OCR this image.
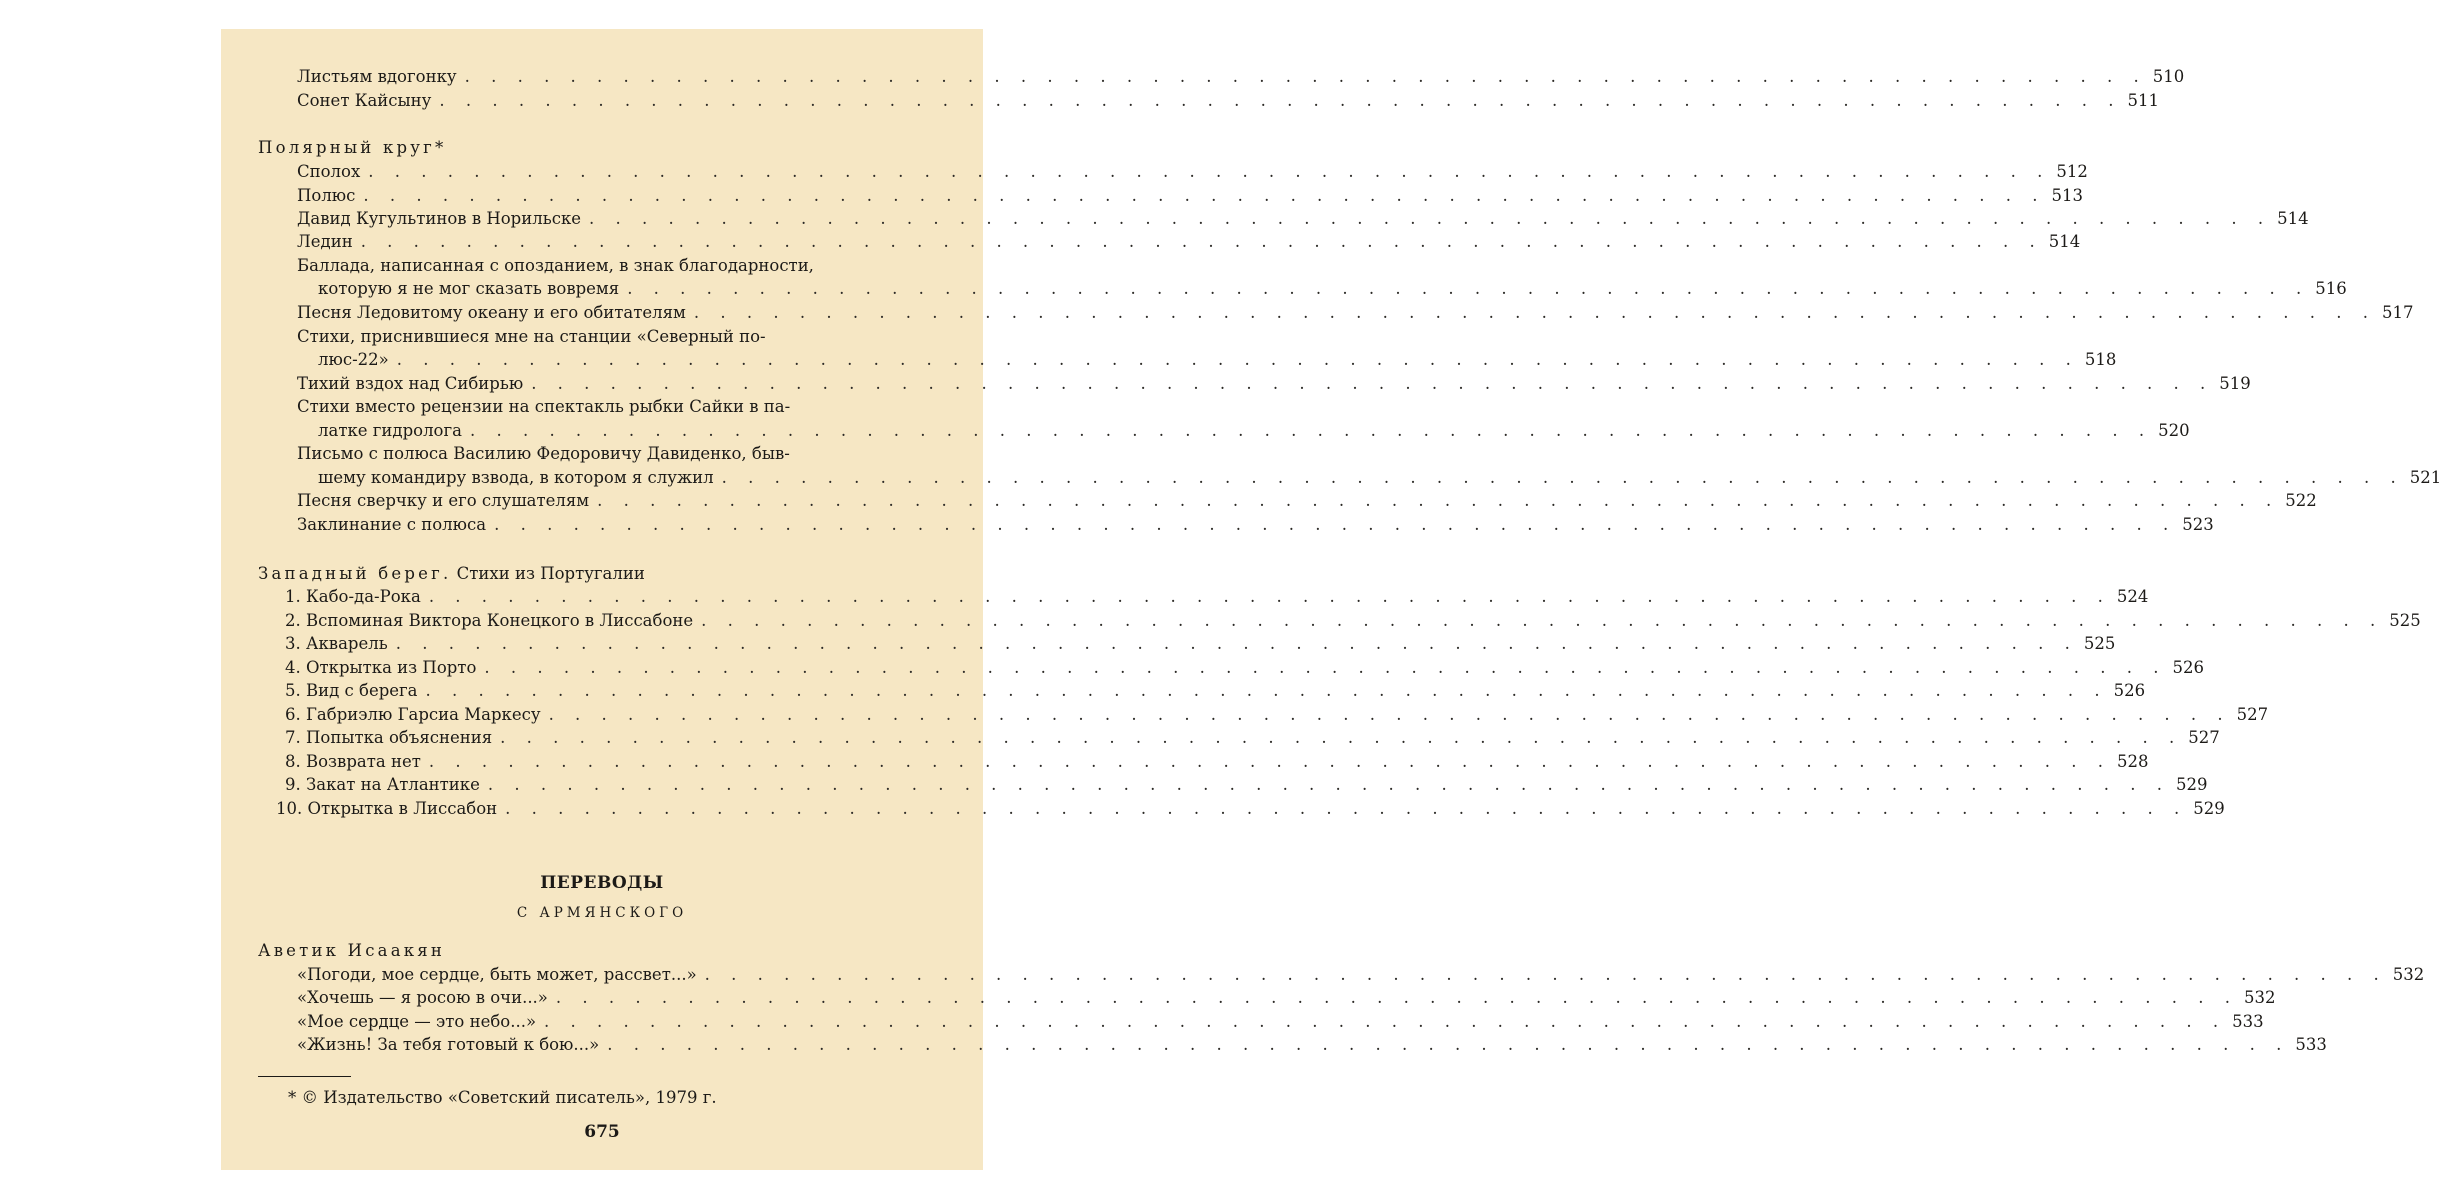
Листьям вдогонку . . . . . . . . . . . . . . . . . . . . . . . . . . . . . . . . . . . . . . . . . . . . . . . . . . . . . . . . . . . . . . . . 510
Сонет Кайсыну . . . . . . . . . . . . . . . . . . . . . . . . . . . . . . . . . . . . . . . . . . . . . . . . . . . . . . . . . . . . . . . . 511
Полярный круг*
Сполох . . . . . . . . . . . . . . . . . . . . . . . . . . . . . . . . . . . . . . . . . . . . . . . . . . . . . . . . . . . . . . . . 512
Полюс . . . . . . . . . . . . . . . . . . . . . . . . . . . . . . . . . . . . . . . . . . . . . . . . . . . . . . . . . . . . . . . . 513
Давид Кугультинов в Норильске . . . . . . . . . . . . . . . . . . . . . . . . . . . . . . . . . . . . . . . . . . . . . . . . . . . . . . . . . . . . . . . . 514
Ледин . . . . . . . . . . . . . . . . . . . . . . . . . . . . . . . . . . . . . . . . . . . . . . . . . . . . . . . . . . . . . . . . 514
Баллада, написанная с опозданием, в знак благодарности,
которую я не мог сказать вовремя . . . . . . . . . . . . . . . . . . . . . . . . . . . . . . . . . . . . . . . . . . . . . . . . . . . . . . . . . . . . . . . . 516
Песня Ледовитому океану и его обитателям . . . . . . . . . . . . . . . . . . . . . . . . . . . . . . . . . . . . . . . . . . . . . . . . . . . . . . . . . . . . . . . . 517
Стихи, приснившиеся мне на станции «Северный по-
люс-22» . . . . . . . . . . . . . . . . . . . . . . . . . . . . . . . . . . . . . . . . . . . . . . . . . . . . . . . . . . . . . . . . 518
Тихий вздох над Сибирью . . . . . . . . . . . . . . . . . . . . . . . . . . . . . . . . . . . . . . . . . . . . . . . . . . . . . . . . . . . . . . . . 519
Стихи вместо рецензии на спектакль рыбки Сайки в па-
латке гидролога . . . . . . . . . . . . . . . . . . . . . . . . . . . . . . . . . . . . . . . . . . . . . . . . . . . . . . . . . . . . . . . . 520
Письмо с полюса Василию Федоровичу Давиденко, быв-
шему командиру взвода, в котором я служил . . . . . . . . . . . . . . . . . . . . . . . . . . . . . . . . . . . . . . . . . . . . . . . . . . . . . . . . . . . . . . . . 521
Песня сверчку и его слушателям . . . . . . . . . . . . . . . . . . . . . . . . . . . . . . . . . . . . . . . . . . . . . . . . . . . . . . . . . . . . . . . . 522
Заклинание с полюса . . . . . . . . . . . . . . . . . . . . . . . . . . . . . . . . . . . . . . . . . . . . . . . . . . . . . . . . . . . . . . . . 523
Западный берег. Стихи из Португалии
1. Кабо-да-Рока . . . . . . . . . . . . . . . . . . . . . . . . . . . . . . . . . . . . . . . . . . . . . . . . . . . . . . . . . . . . . . . . 524
2. Вспоминая Виктора Конецкого в Лиссабоне . . . . . . . . . . . . . . . . . . . . . . . . . . . . . . . . . . . . . . . . . . . . . . . . . . . . . . . . . . . . . . . . 525
3. Акварель . . . . . . . . . . . . . . . . . . . . . . . . . . . . . . . . . . . . . . . . . . . . . . . . . . . . . . . . . . . . . . . . 525
4. Открытка из Порто . . . . . . . . . . . . . . . . . . . . . . . . . . . . . . . . . . . . . . . . . . . . . . . . . . . . . . . . . . . . . . . . 526
5. Вид с берега . . . . . . . . . . . . . . . . . . . . . . . . . . . . . . . . . . . . . . . . . . . . . . . . . . . . . . . . . . . . . . . . 526
6. Габриэлю Гарсиа Маркесу . . . . . . . . . . . . . . . . . . . . . . . . . . . . . . . . . . . . . . . . . . . . . . . . . . . . . . . . . . . . . . . . 527
7. Попытка объяснения . . . . . . . . . . . . . . . . . . . . . . . . . . . . . . . . . . . . . . . . . . . . . . . . . . . . . . . . . . . . . . . . 527
8. Возврата нет . . . . . . . . . . . . . . . . . . . . . . . . . . . . . . . . . . . . . . . . . . . . . . . . . . . . . . . . . . . . . . . . 528
9. Закат на Атлантике . . . . . . . . . . . . . . . . . . . . . . . . . . . . . . . . . . . . . . . . . . . . . . . . . . . . . . . . . . . . . . . . 529
10. Открытка в Лиссабон . . . . . . . . . . . . . . . . . . . . . . . . . . . . . . . . . . . . . . . . . . . . . . . . . . . . . . . . . . . . . . . . 529
ПЕРЕВОДЫ
С АРМЯНСКОГО
Аветик Исаакян
«Погоди, мое сердце, быть может, рассвет...» . . . . . . . . . . . . . . . . . . . . . . . . . . . . . . . . . . . . . . . . . . . . . . . . . . . . . . . . . . . . . . . . 532
«Хочешь — я росою в очи...» . . . . . . . . . . . . . . . . . . . . . . . . . . . . . . . . . . . . . . . . . . . . . . . . . . . . . . . . . . . . . . . . 532
«Мое сердце — это небо...» . . . . . . . . . . . . . . . . . . . . . . . . . . . . . . . . . . . . . . . . . . . . . . . . . . . . . . . . . . . . . . . . 533
«Жизнь! За тебя готовый к бою...» . . . . . . . . . . . . . . . . . . . . . . . . . . . . . . . . . . . . . . . . . . . . . . . . . . . . . . . . . . . . . . . . 533
* © Издательство «Советский писатель», 1979 г.
675
